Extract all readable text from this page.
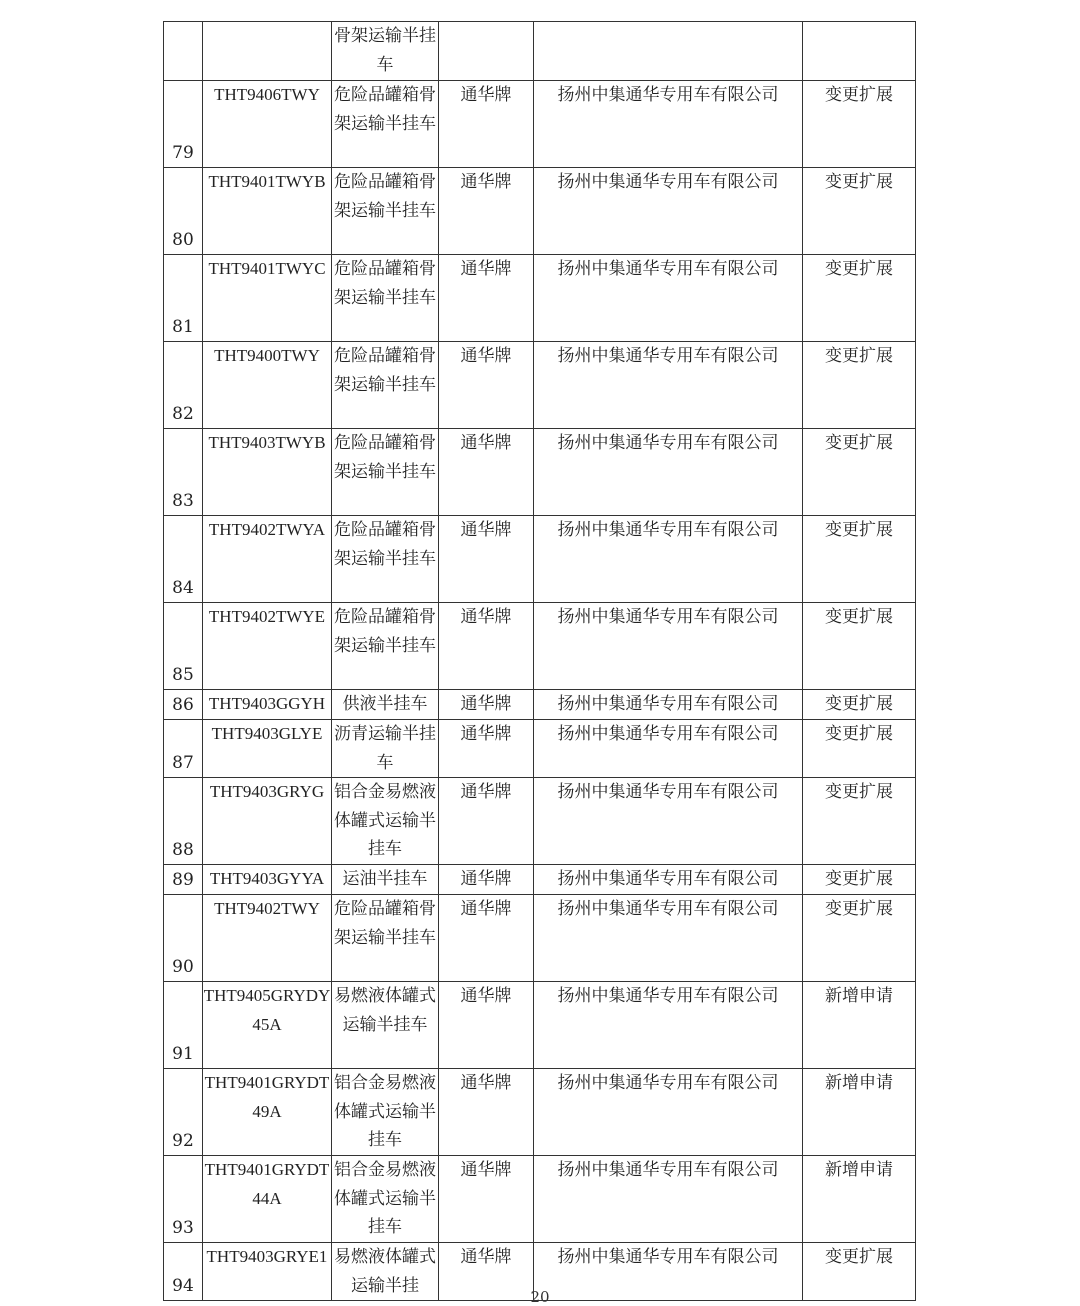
		骨架运输半挂车			
79	THT9406TWY	危险品罐箱骨架运输半挂车	通华牌	扬州中集通华专用车有限公司	变更扩展
80	THT9401TWYB	危险品罐箱骨架运输半挂车	通华牌	扬州中集通华专用车有限公司	变更扩展
81	THT9401TWYC	危险品罐箱骨架运输半挂车	通华牌	扬州中集通华专用车有限公司	变更扩展
82	THT9400TWY	危险品罐箱骨架运输半挂车	通华牌	扬州中集通华专用车有限公司	变更扩展
83	THT9403TWYB	危险品罐箱骨架运输半挂车	通华牌	扬州中集通华专用车有限公司	变更扩展
84	THT9402TWYA	危险品罐箱骨架运输半挂车	通华牌	扬州中集通华专用车有限公司	变更扩展
85	THT9402TWYE	危险品罐箱骨架运输半挂车	通华牌	扬州中集通华专用车有限公司	变更扩展
86	THT9403GGYH	供液半挂车	通华牌	扬州中集通华专用车有限公司	变更扩展
87	THT9403GLYE	沥青运输半挂车	通华牌	扬州中集通华专用车有限公司	变更扩展
88	THT9403GRYG	铝合金易燃液体罐式运输半挂车	通华牌	扬州中集通华专用车有限公司	变更扩展
89	THT9403GYYA	运油半挂车	通华牌	扬州中集通华专用车有限公司	变更扩展
90	THT9402TWY	危险品罐箱骨架运输半挂车	通华牌	扬州中集通华专用车有限公司	变更扩展
91	THT9405GRYDY45A	易燃液体罐式运输半挂车	通华牌	扬州中集通华专用车有限公司	新增申请
92	THT9401GRYDT49A	铝合金易燃液体罐式运输半挂车	通华牌	扬州中集通华专用车有限公司	新增申请
93	THT9401GRYDT44A	铝合金易燃液体罐式运输半挂车	通华牌	扬州中集通华专用车有限公司	新增申请
94	THT9403GRYE1	易燃液体罐式运输半挂	通华牌	扬州中集通华专用车有限公司	变更扩展
20
